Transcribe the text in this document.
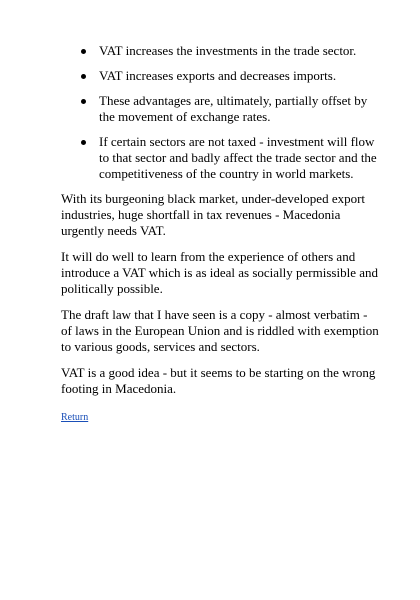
VAT increases the investments in the trade sector.
VAT increases exports and decreases imports.
These advantages are, ultimately, partially offset by the movement of exchange rates.
If certain sectors are not taxed - investment will flow to that sector and badly affect the trade sector and the competitiveness of the country in world markets.

With its burgeoning black market, under-developed export industries, huge shortfall in tax revenues - Macedonia urgently needs VAT.

It will do well to learn from the experience of others and introduce a VAT which is as ideal as socially permissible and politically possible.

The draft law that I have seen is a copy - almost verbatim - of laws in the European Union and is riddled with exemption to various goods, services and sectors.

VAT is a good idea - but it seems to be starting on the wrong footing in Macedonia.

Return
